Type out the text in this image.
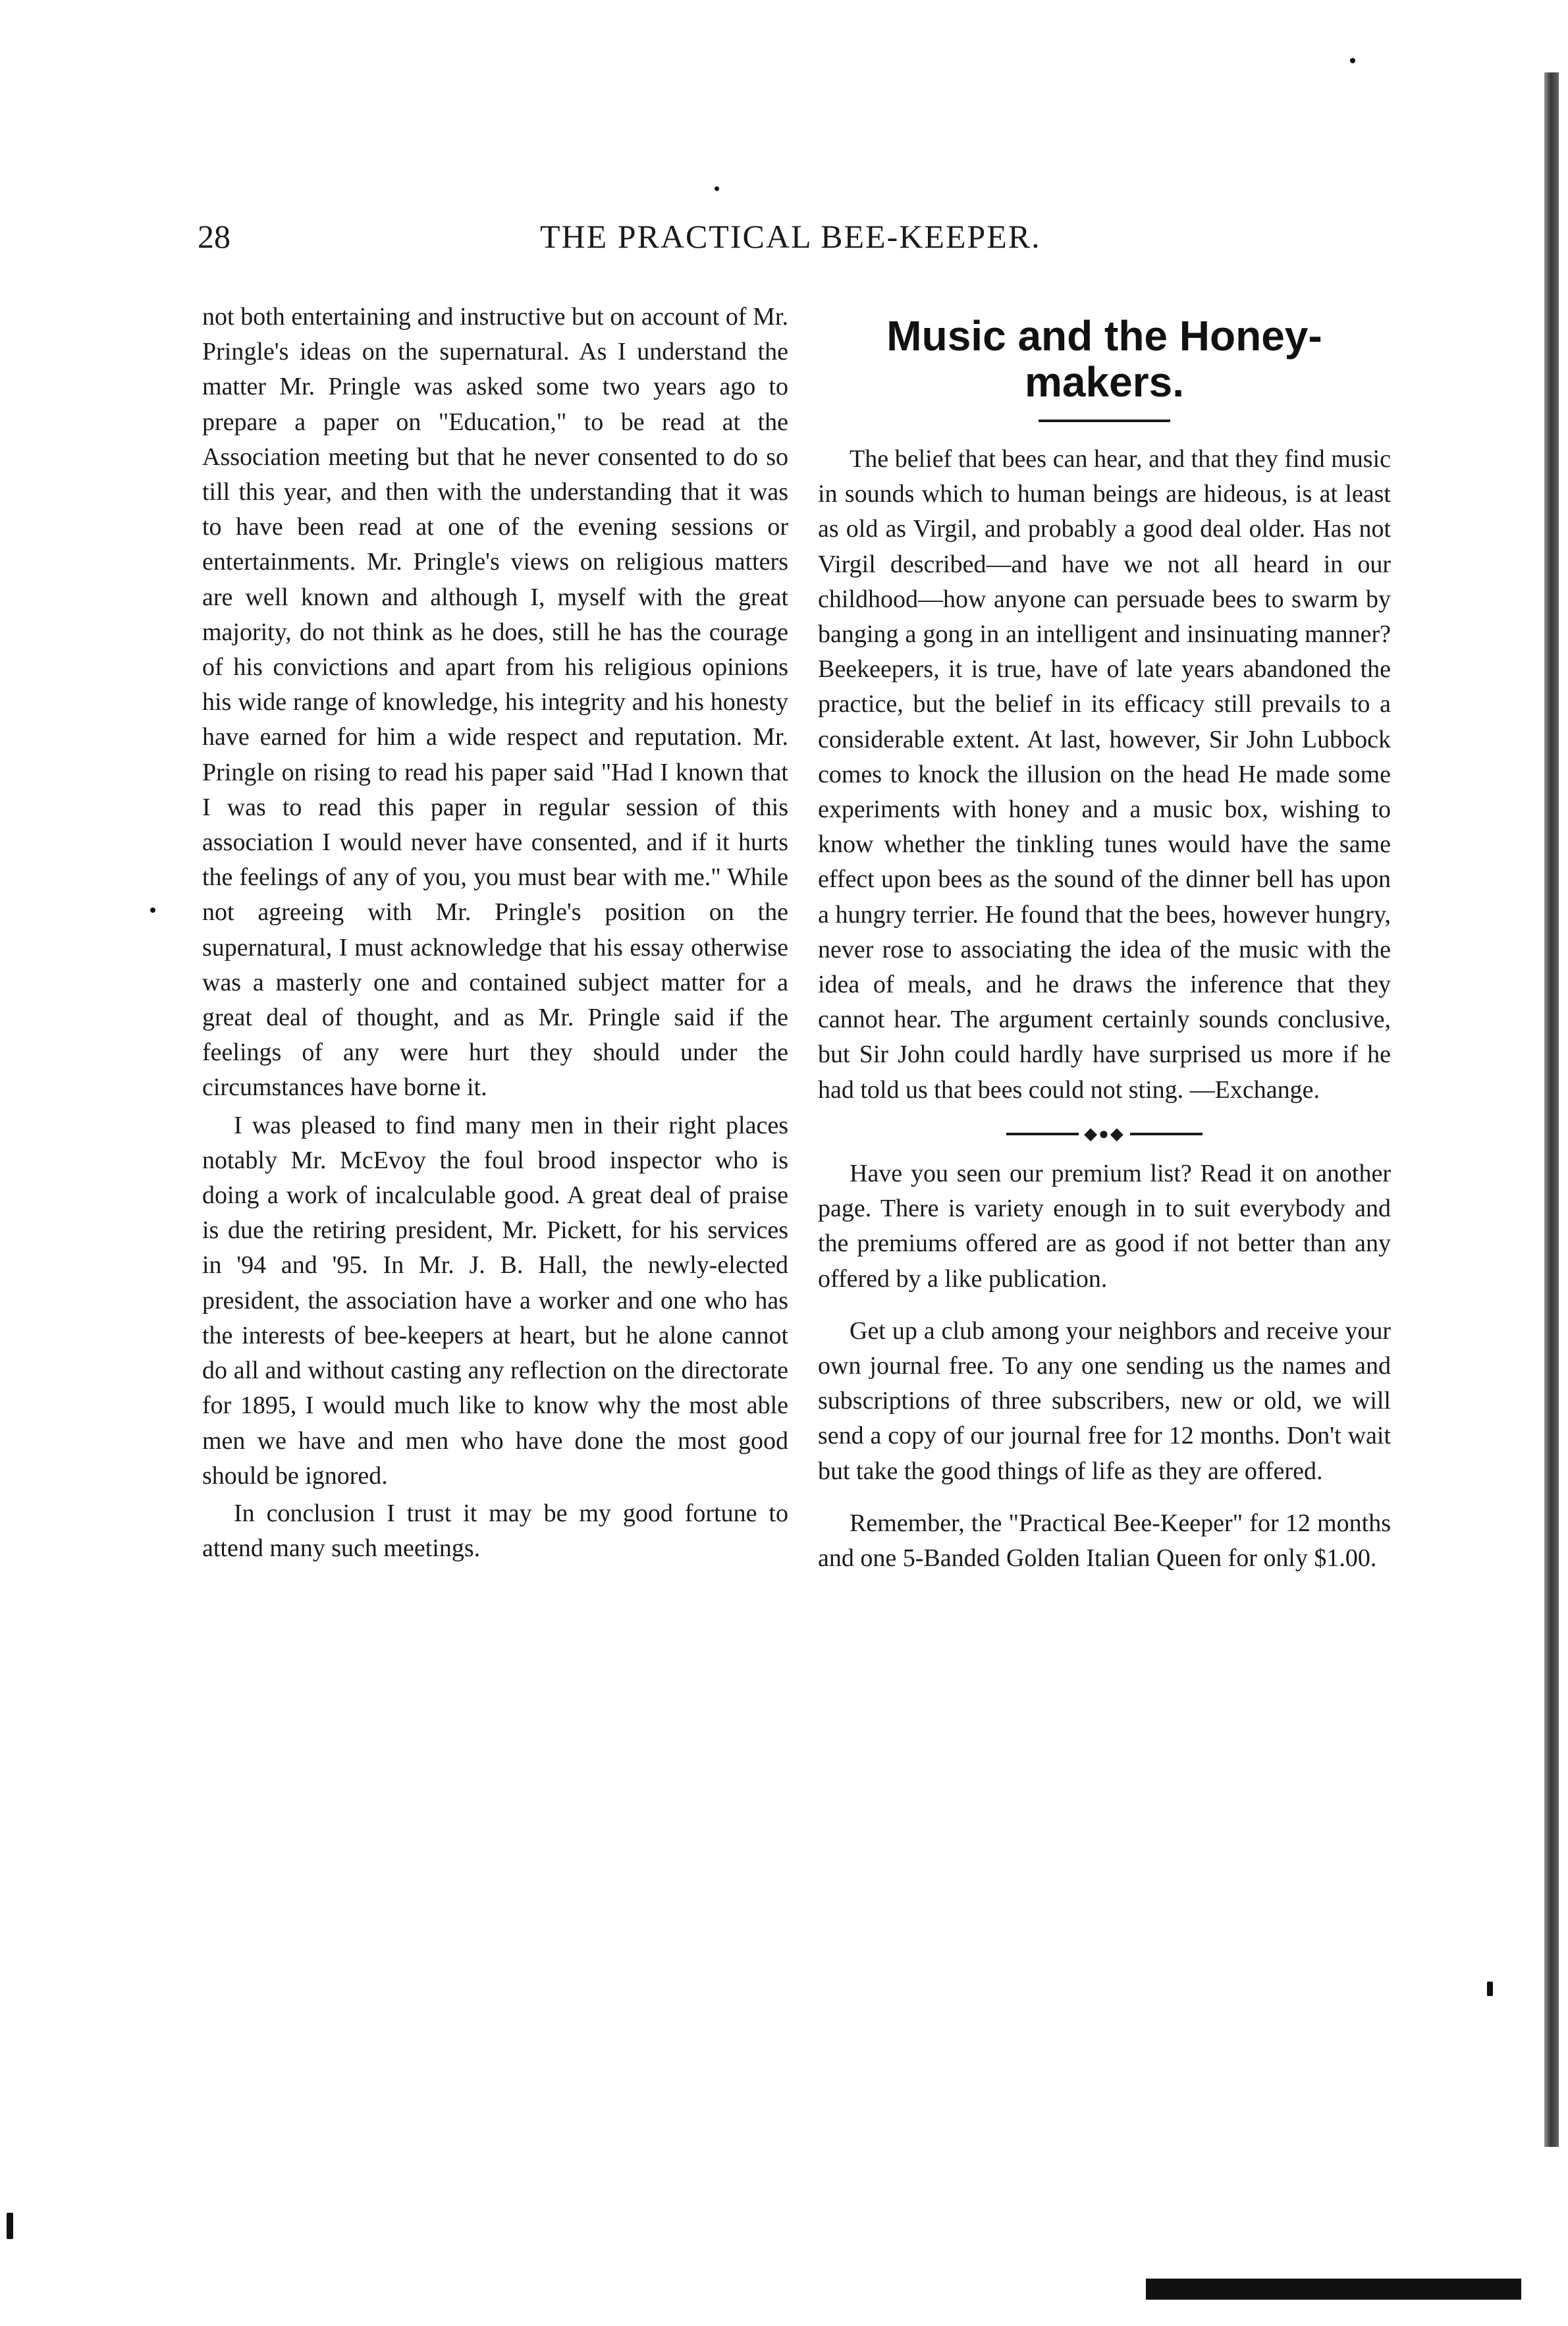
28	THE PRACTICAL BEE-KEEPER.

not both entertaining and instructive but on account of Mr. Pringle's ideas on the supernatural. As I understand the matter Mr. Pringle was asked some two years ago to prepare a paper on "Education," to be read at the Association meeting but that he never consented to do so till this year, and then with the understanding that it was to have been read at one of the evening sessions or entertainments. Mr. Pringle's views on religious matters are well known and although I, myself with the great majority, do not think as he does, still he has the courage of his convictions and apart from his religious opinions his wide range of knowledge, his integrity and his honesty have earned for him a wide respect and reputation. Mr. Pringle on rising to read his paper said "Had I known that I was to read this paper in regular session of this association I would never have consented, and if it hurts the feelings of any of you, you must bear with me." While not agreeing with Mr. Pringle's position on the supernatural, I must acknowledge that his essay otherwise was a masterly one and contained subject matter for a great deal of thought, and as Mr. Pringle said if the feelings of any were hurt they should under the circumstances have borne it.

I was pleased to find many men in their right places notably Mr. McEvoy the foul brood inspector who is doing a work of incalculable good. A great deal of praise is due the retiring president, Mr. Pickett, for his services in '94 and '95. In Mr. J. B. Hall, the newly-elected president, the association have a worker and one who has the interests of bee-keepers at heart, but he alone cannot do all and without casting any reflection on the directorate for 1895, I would much like to know why the most able men we have and men who have done the most good should be ignored.

In conclusion I trust it may be my good fortune to attend many such meetings.

Music and the Honey-makers.

The belief that bees can hear, and that they find music in sounds which to human beings are hideous, is at least as old as Virgil, and probably a good deal older. Has not Virgil described—and have we not all heard in our childhood—how anyone can persuade bees to swarm by banging a gong in an intelligent and insinuating manner? Beekeepers, it is true, have of late years abandoned the practice, but the belief in its efficacy still prevails to a considerable extent. At last, however, Sir John Lubbock comes to knock the illusion on the head He made some experiments with honey and a music box, wishing to know whether the tinkling tunes would have the same effect upon bees as the sound of the dinner bell has upon a hungry terrier. He found that the bees, however hungry, never rose to associating the idea of the music with the idea of meals, and he draws the inference that they cannot hear. The argument certainly sounds conclusive, but Sir John could hardly have surprised us more if he had told us that bees could not sting. —Exchange.

◆●◆

Have you seen our premium list? Read it on another page. There is variety enough in to suit everybody and the premiums offered are as good if not better than any offered by a like publication.

Get up a club among your neighbors and receive your own journal free. To any one sending us the names and subscriptions of three subscribers, new or old, we will send a copy of our journal free for 12 months. Don't wait but take the good things of life as they are offered.

Remember, the "Practical Bee-Keeper" for 12 months and one 5-Banded Golden Italian Queen for only $1.00.
